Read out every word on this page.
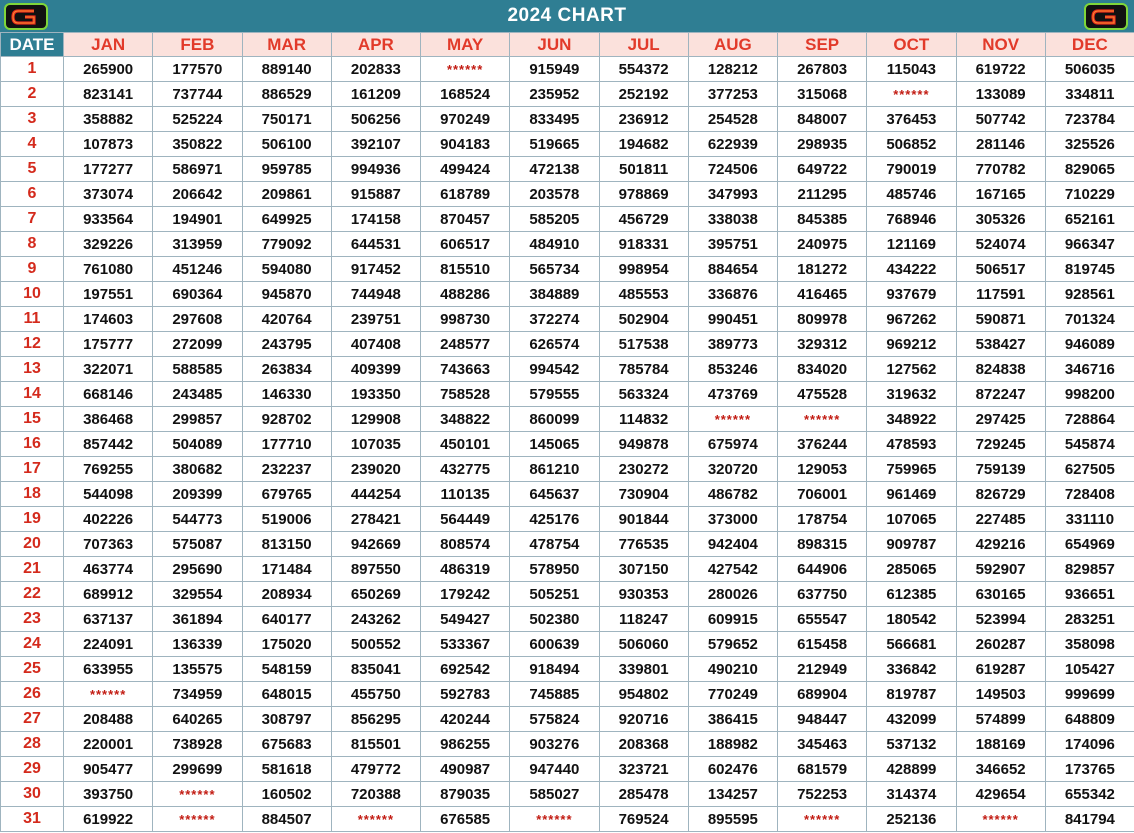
2024 CHART
DATE	JAN	FEB	MAR	APR	MAY	JUN	JUL	AUG	SEP	OCT	NOV	DEC
1	265900	177570	889140	202833	******	915949	554372	128212	267803	115043	619722	506035
2	823141	737744	886529	161209	168524	235952	252192	377253	315068	******	133089	334811
3	358882	525224	750171	506256	970249	833495	236912	254528	848007	376453	507742	723784
4	107873	350822	506100	392107	904183	519665	194682	622939	298935	506852	281146	325526
5	177277	586971	959785	994936	499424	472138	501811	724506	649722	790019	770782	829065
6	373074	206642	209861	915887	618789	203578	978869	347993	211295	485746	167165	710229
7	933564	194901	649925	174158	870457	585205	456729	338038	845385	768946	305326	652161
8	329226	313959	779092	644531	606517	484910	918331	395751	240975	121169	524074	966347
9	761080	451246	594080	917452	815510	565734	998954	884654	181272	434222	506517	819745
10	197551	690364	945870	744948	488286	384889	485553	336876	416465	937679	117591	928561
11	174603	297608	420764	239751	998730	372274	502904	990451	809978	967262	590871	701324
12	175777	272099	243795	407408	248577	626574	517538	389773	329312	969212	538427	946089
13	322071	588585	263834	409399	743663	994542	785784	853246	834020	127562	824838	346716
14	668146	243485	146330	193350	758528	579555	563324	473769	475528	319632	872247	998200
15	386468	299857	928702	129908	348822	860099	114832	******	******	348922	297425	728864
16	857442	504089	177710	107035	450101	145065	949878	675974	376244	478593	729245	545874
17	769255	380682	232237	239020	432775	861210	230272	320720	129053	759965	759139	627505
18	544098	209399	679765	444254	110135	645637	730904	486782	706001	961469	826729	728408
19	402226	544773	519006	278421	564449	425176	901844	373000	178754	107065	227485	331110
20	707363	575087	813150	942669	808574	478754	776535	942404	898315	909787	429216	654969
21	463774	295690	171484	897550	486319	578950	307150	427542	644906	285065	592907	829857
22	689912	329554	208934	650269	179242	505251	930353	280026	637750	612385	630165	936651
23	637137	361894	640177	243262	549427	502380	118247	609915	655547	180542	523994	283251
24	224091	136339	175020	500552	533367	600639	506060	579652	615458	566681	260287	358098
25	633955	135575	548159	835041	692542	918494	339801	490210	212949	336842	619287	105427
26	******	734959	648015	455750	592783	745885	954802	770249	689904	819787	149503	999699
27	208488	640265	308797	856295	420244	575824	920716	386415	948447	432099	574899	648809
28	220001	738928	675683	815501	986255	903276	208368	188982	345463	537132	188169	174096
29	905477	299699	581618	479772	490987	947440	323721	602476	681579	428899	346652	173765
30	393750	******	160502	720388	879035	585027	285478	134257	752253	314374	429654	655342
31	619922	******	884507	******	676585	******	769524	895595	******	252136	******	841794
